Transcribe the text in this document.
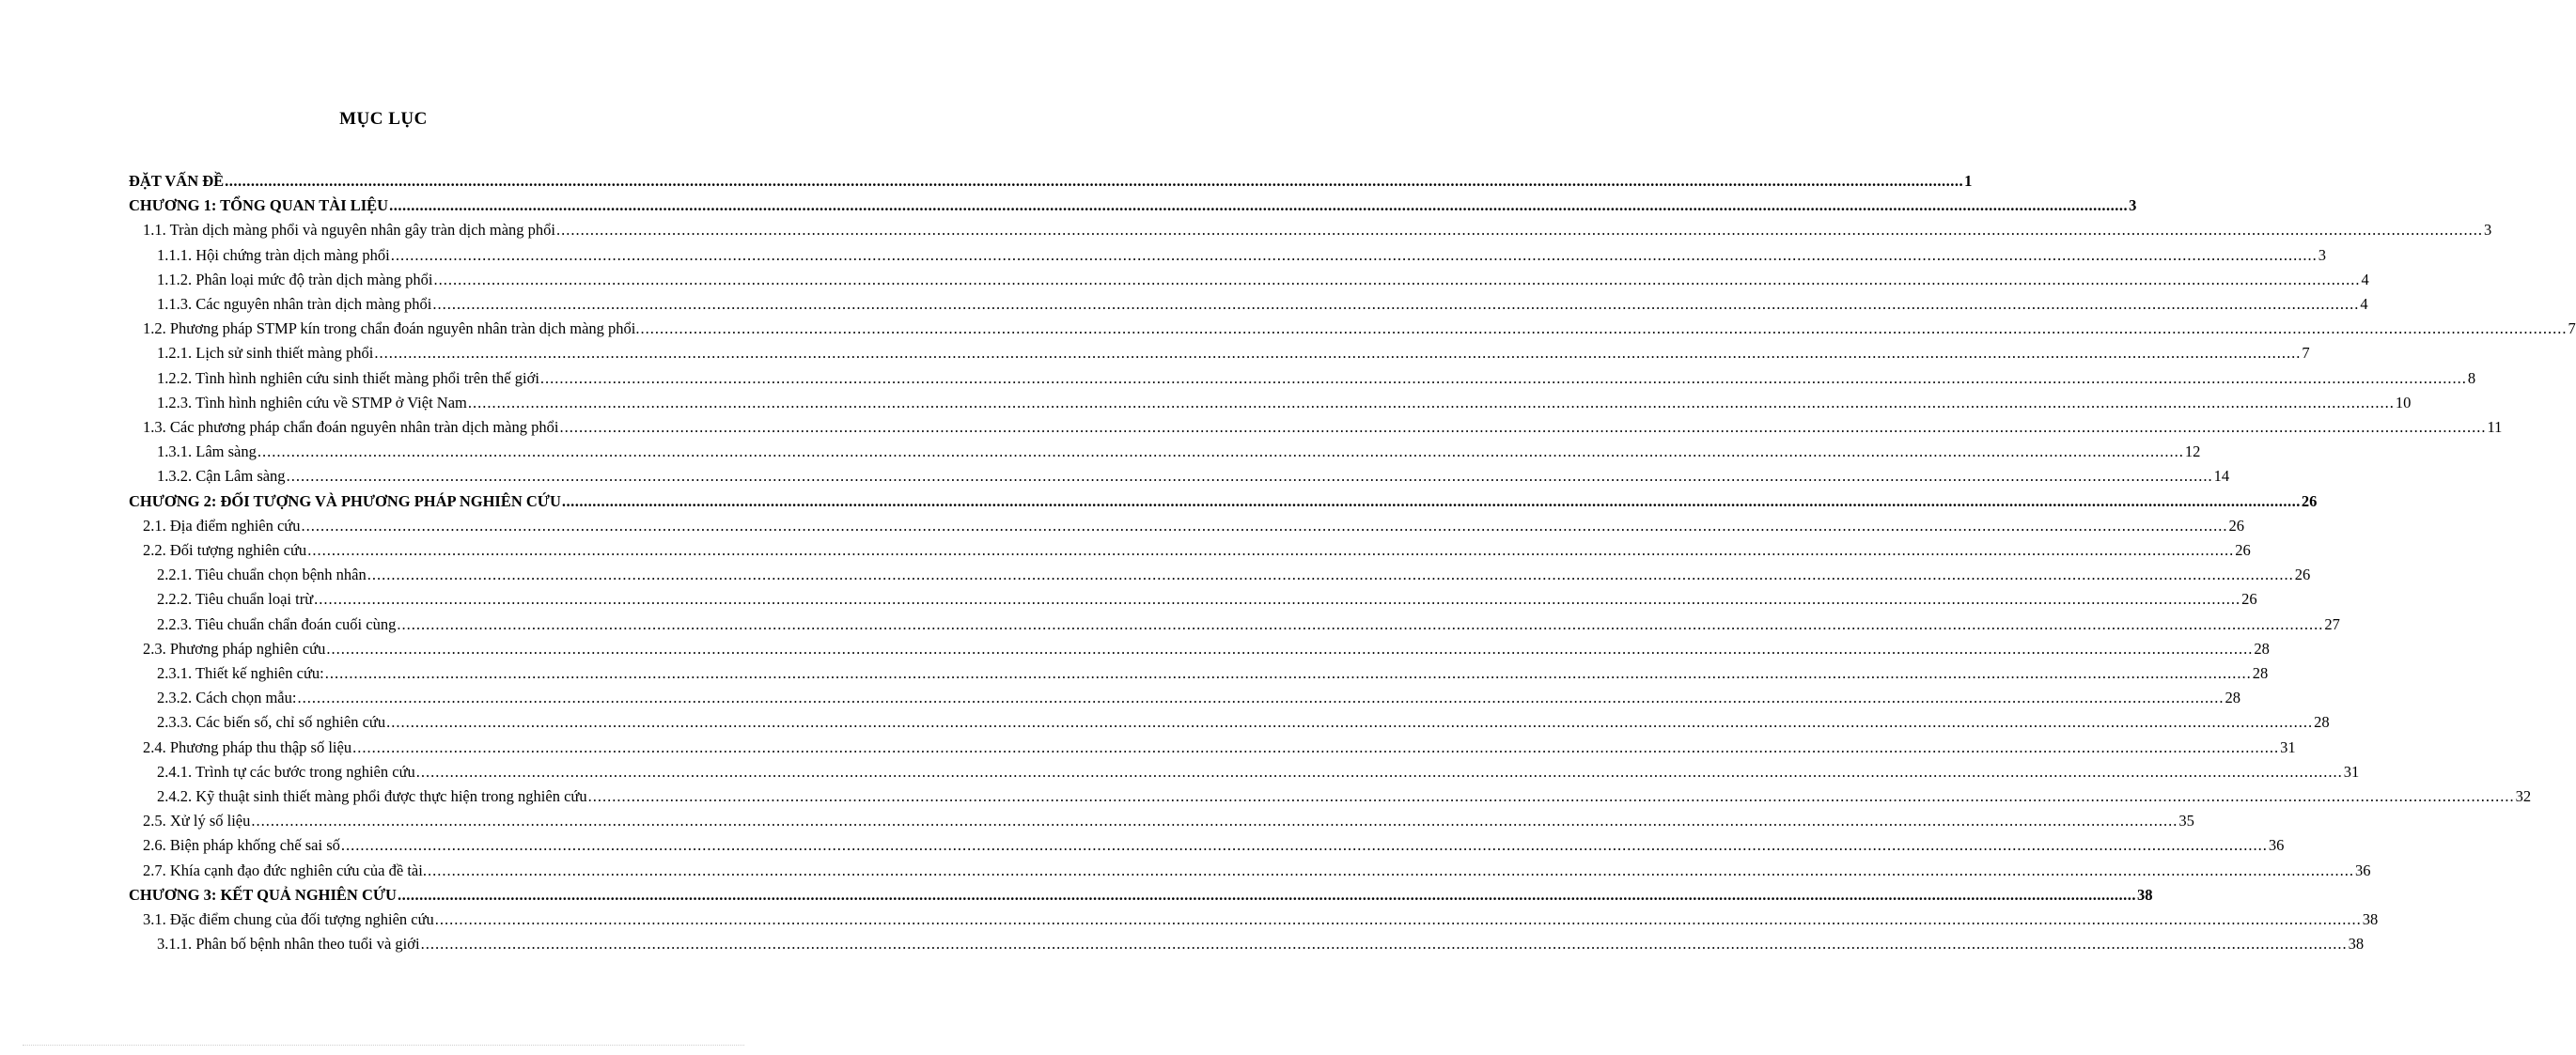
MỤC LỤC
ĐẶT VẤN ĐỀ ................................................................................................................................................................................................................................................................................................................................................................................................................ 1
CHƯƠNG 1: TỔNG QUAN TÀI LIỆU ................................................................................................................................................................................................................................................................................................................................................................................................................ 3
1.1. Tràn dịch màng phổi và nguyên nhân gây tràn dịch màng phổi ................................................................................................................................................................................................................................................................................................................................................................................................................ 3
1.1.1. Hội chứng tràn dịch màng phổi ................................................................................................................................................................................................................................................................................................................................................................................................................ 3
1.1.2. Phân loại mức độ tràn dịch màng phổi ................................................................................................................................................................................................................................................................................................................................................................................................................ 4
1.1.3. Các nguyên nhân tràn dịch màng phổi ................................................................................................................................................................................................................................................................................................................................................................................................................ 4
1.2. Phương pháp STMP kín trong chẩn đoán nguyên nhân tràn dịch màng phổi. ................................................................................................................................................................................................................................................................................................................................................................................................................ 7
1.2.1. Lịch sử sinh thiết màng phổi ................................................................................................................................................................................................................................................................................................................................................................................................................ 7
1.2.2. Tình hình nghiên cứu sinh thiết màng phổi trên thế giới ................................................................................................................................................................................................................................................................................................................................................................................................................ 8
1.2.3. Tình hình nghiên cứu về STMP ở Việt Nam ................................................................................................................................................................................................................................................................................................................................................................................................................ 10
1.3. Các phương pháp chẩn đoán nguyên nhân tràn dịch màng phổi ................................................................................................................................................................................................................................................................................................................................................................................................................ 11
1.3.1. Lâm sàng ................................................................................................................................................................................................................................................................................................................................................................................................................ 12
1.3.2. Cận Lâm sàng ................................................................................................................................................................................................................................................................................................................................................................................................................ 14
CHƯƠNG 2: ĐỐI TƯỢNG VÀ PHƯƠNG PHÁP NGHIÊN CỨU ................................................................................................................................................................................................................................................................................................................................................................................................................ 26
2.1. Địa điểm nghiên cứu ................................................................................................................................................................................................................................................................................................................................................................................................................ 26
2.2. Đối tượng nghiên cứu ................................................................................................................................................................................................................................................................................................................................................................................................................ 26
2.2.1. Tiêu chuẩn chọn bệnh nhân ................................................................................................................................................................................................................................................................................................................................................................................................................ 26
2.2.2. Tiêu chuẩn loại trừ ................................................................................................................................................................................................................................................................................................................................................................................................................ 26
2.2.3. Tiêu chuẩn chẩn đoán cuối cùng ................................................................................................................................................................................................................................................................................................................................................................................................................ 27
2.3. Phương pháp nghiên cứu ................................................................................................................................................................................................................................................................................................................................................................................................................ 28
2.3.1. Thiết kế nghiên cứu: ................................................................................................................................................................................................................................................................................................................................................................................................................ 28
2.3.2. Cách chọn mẫu: ................................................................................................................................................................................................................................................................................................................................................................................................................ 28
2.3.3. Các biến số, chỉ số nghiên cứu ................................................................................................................................................................................................................................................................................................................................................................................................................ 28
2.4. Phương pháp thu thập số liệu ................................................................................................................................................................................................................................................................................................................................................................................................................ 31
2.4.1. Trình tự các bước trong nghiên cứu ................................................................................................................................................................................................................................................................................................................................................................................................................ 31
2.4.2. Kỹ thuật sinh thiết màng phổi được thực hiện trong nghiên cứu ................................................................................................................................................................................................................................................................................................................................................................................................................ 32
2.5. Xử lý số liệu ................................................................................................................................................................................................................................................................................................................................................................................................................ 35
2.6. Biện pháp khống chế sai số ................................................................................................................................................................................................................................................................................................................................................................................................................ 36
2.7. Khía cạnh đạo đức nghiên cứu của đề tài. ................................................................................................................................................................................................................................................................................................................................................................................................................ 36
CHƯƠNG 3: KẾT QUẢ NGHIÊN CỨU ................................................................................................................................................................................................................................................................................................................................................................................................................ 38
3.1. Đặc điểm chung của đối tượng nghiên cứu ................................................................................................................................................................................................................................................................................................................................................................................................................ 38
3.1.1. Phân bố bệnh nhân theo tuổi và giới ................................................................................................................................................................................................................................................................................................................................................................................................................ 38
